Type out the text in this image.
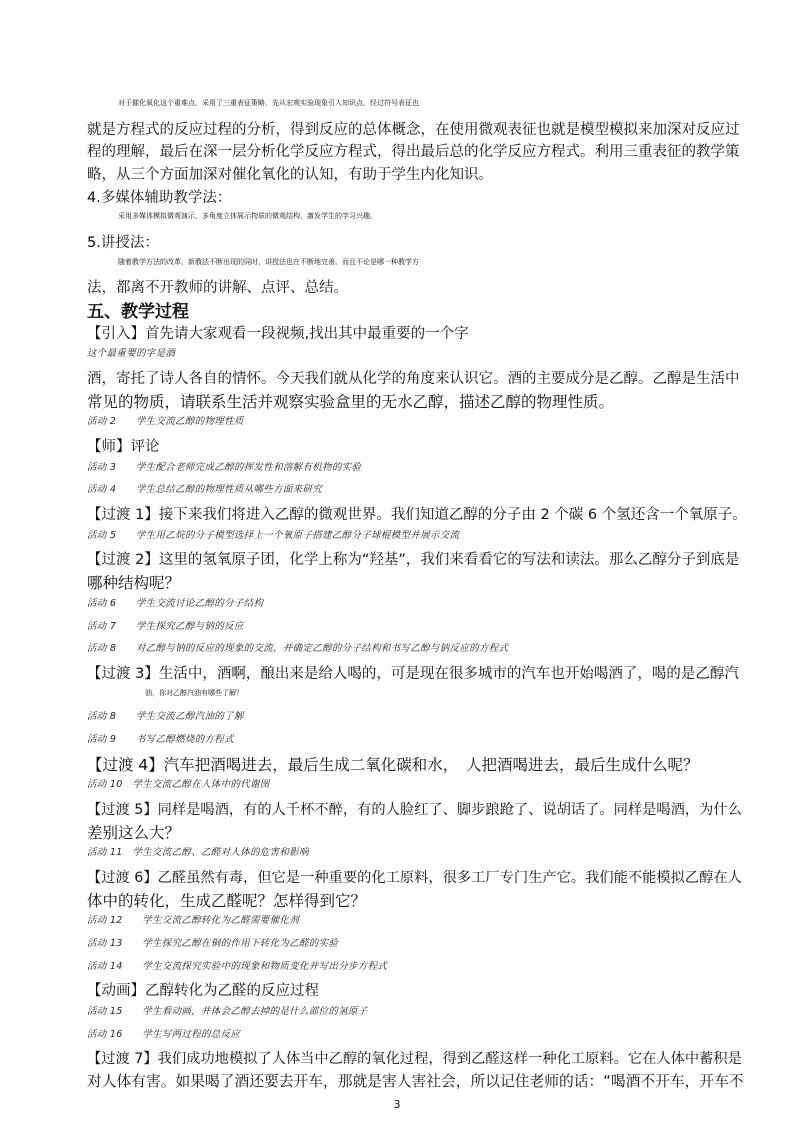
对于催化氧化这个重难点，采用了三重表征策略，先从宏观实验现象引入知识点，经过符号表征也
就是方程式的反应过程的分析，得到反应的总体概念，在使用微观表征也就是模型模拟来加深对反应过
程的理解，最后在深一层分析化学反应方程式，得出最后总的化学反应方程式。利用三重表征的教学策
略，从三个方面加深对催化氧化的认知，有助于学生内化知识。
4.多媒体辅助教学法：
采用多媒体模拟微观演示，多角度立体展示物质的微观结构，激发学生的学习兴趣。
5.讲授法：
随着教学方法的改革，新教法不断出现的同时，讲授法也在不断地完善。而且不论是哪一种教学方
法，都离不开教师的讲解、点评、总结。
五、教学过程
【引入】首先请大家观看一段视频,找出其中最重要的一个字
这个最重要的字是酒
酒，寄托了诗人各自的情怀。今天我们就从化学的角度来认识它。酒的主要成分是乙醇。乙醇是生活中
常见的物质，请联系生活并观察实验盒里的无水乙醇，描述乙醇的物理性质。
活动 2　　学生交流乙醇的物理性质
【师】评论
活动 3　　学生配合老师完成乙醇的挥发性和溶解有机物的实验
活动 4　　学生总结乙醇的物理性质从哪些方面来研究
【过渡 1】接下来我们将进入乙醇的微观世界。我们知道乙醇的分子由 2 个碳 6 个氢还含一个氧原子。
活动 5　　学生用乙烷的分子模型选择上一个氧原子搭建乙醇分子球棍模型并展示交流
【过渡 2】这里的氢氧原子团，化学上称为“羟基”，我们来看看它的写法和读法。那么乙醇分子到底是
哪种结构呢？
活动 6　　学生交流讨论乙醇的分子结构
活动 7　　学生探究乙醇与钠的反应
活动 8　　对乙醇与钠的反应的现象的交流，并确定乙醇的分子结构和书写乙醇与钠反应的方程式
【过渡 3】生活中，酒啊，酿出来是给人喝的，可是现在很多城市的汽车也开始喝酒了，喝的是乙醇汽
油，你对乙醇汽油有哪些了解？
活动 8　　学生交流乙醇汽油的了解
活动 9　　书写乙醇燃烧的方程式
【过渡 4】汽车把酒喝进去，最后生成二氧化碳和水，　人把酒喝进去，最后生成什么呢？
活动 10　学生交流乙醇在人体中的代谢图
【过渡 5】同样是喝酒，有的人千杯不醉，有的人脸红了、脚步踉跄了、说胡话了。同样是喝酒，为什么
差别这么大？
活动 11　学生交流乙醇、乙醛对人体的危害和影响
【过渡 6】乙醛虽然有毒，但它是一种重要的化工原料，很多工厂专门生产它。我们能不能模拟乙醇在人
体中的转化，生成乙醛呢？怎样得到它？
活动 12　　学生交流乙醇转化为乙醛需要催化剂
活动 13　　学生探究乙醇在铜的作用下转化为乙醛的实验
活动 14　　学生交流探究实验中的现象和物质变化并写出分步方程式
【动画】乙醇转化为乙醛的反应过程
活动 15　　学生看动画，并体会乙醇去掉的是什么部位的氢原子
活动 16　　学生写两过程的总反应
【过渡 7】我们成功地模拟了人体当中乙醇的氧化过程，得到乙醛这样一种化工原料。它在人体中蓄积是
对人体有害。如果喝了酒还要去开车，那就是害人害社会，所以记住老师的话：“喝酒不开车，开车不
3
